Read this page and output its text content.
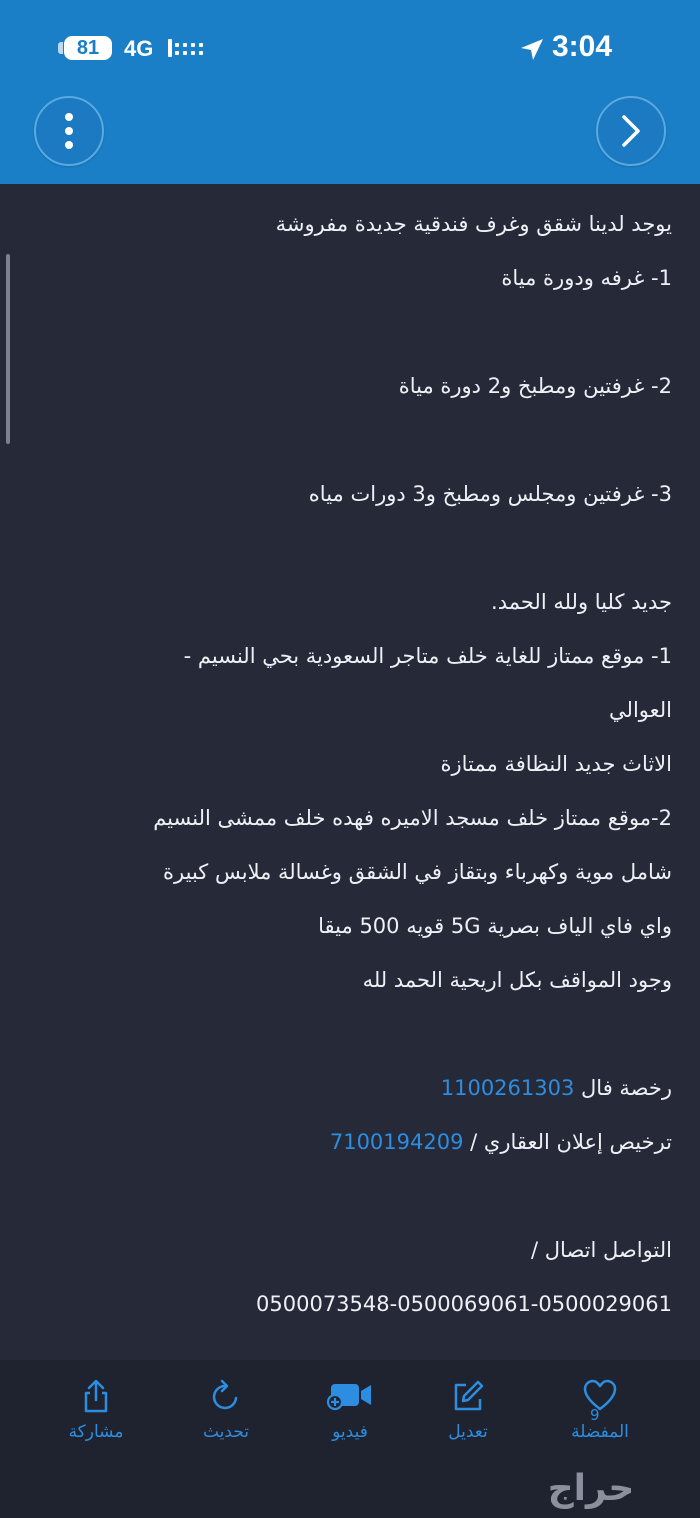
81	4G	3:04
يوجد لدينا شقق وغرف فندقية جديدة مفروشة
1- غرفه ودورة مياة
2- غرفتين ومطبخ و2 دورة مياة
3- غرفتين ومجلس ومطبخ و3 دورات مياه
جديد كليا ولله الحمد.
1- موقع ممتاز للغاية خلف متاجر السعودية بحي النسيم -
العوالي
الاثاث جديد النظافة ممتازة
2-موقع ممتاز خلف مسجد الاميره فهده خلف ممشى النسيم
شامل موية وكهرباء وبتقاز في الشقق وغسالة ملابس كبيرة
واي فاي الياف بصرية 5G قويه 500 ميقا
وجود المواقف بكل اريحية الحمد لله
رخصة فال 1100261303
ترخيص إعلان العقاري / 7100194209
التواصل اتصال /
0500073548-0500069061-0500029061
مشاركة	تحديث	فيديو	تعديل
9
المفضلة
حراج
